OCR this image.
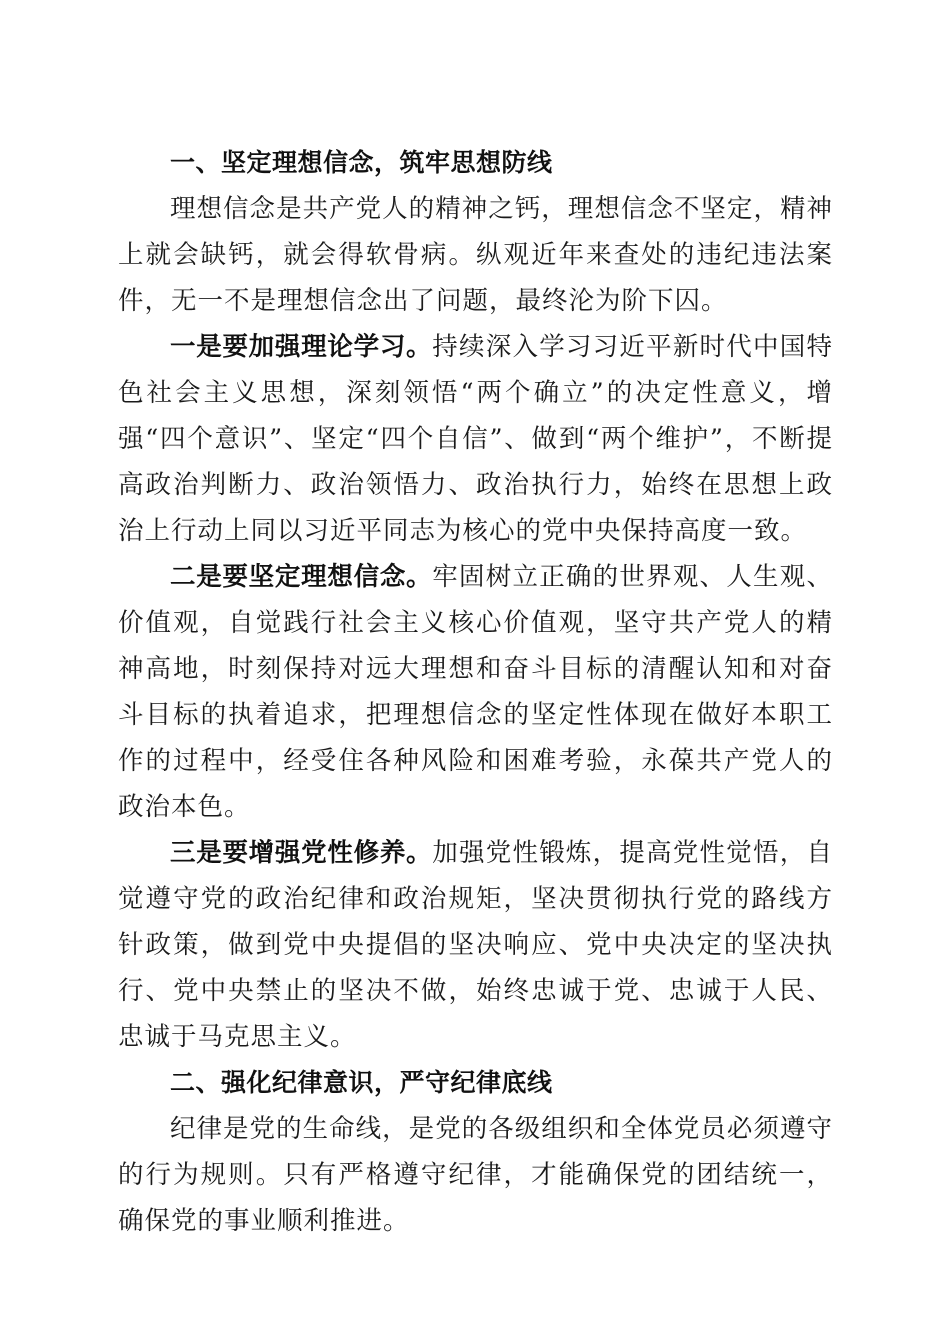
一、坚定理想信念，筑牢思想防线

理想信念是共产党人的精神之钙，理想信念不坚定，精神上就会缺钙，就会得软骨病。纵观近年来查处的违纪违法案件，无一不是理想信念出了问题，最终沦为阶下囚。

一是要加强理论学习。持续深入学习习近平新时代中国特色社会主义思想，深刻领悟“两个确立”的决定性意义，增强“四个意识”、坚定“四个自信”、做到“两个维护”，不断提高政治判断力、政治领悟力、政治执行力，始终在思想上政治上行动上同以习近平同志为核心的党中央保持高度一致。

二是要坚定理想信念。牢固树立正确的世界观、人生观、价值观，自觉践行社会主义核心价值观，坚守共产党人的精神高地，时刻保持对远大理想和奋斗目标的清醒认知和对奋斗目标的执着追求，把理想信念的坚定性体现在做好本职工作的过程中，经受住各种风险和困难考验，永葆共产党人的政治本色。

三是要增强党性修养。加强党性锻炼，提高党性觉悟，自觉遵守党的政治纪律和政治规矩，坚决贯彻执行党的路线方针政策，做到党中央提倡的坚决响应、党中央决定的坚决执行、党中央禁止的坚决不做，始终忠诚于党、忠诚于人民、忠诚于马克思主义。

二、强化纪律意识，严守纪律底线

纪律是党的生命线，是党的各级组织和全体党员必须遵守的行为规则。只有严格遵守纪律，才能确保党的团结统一，确保党的事业顺利推进。
